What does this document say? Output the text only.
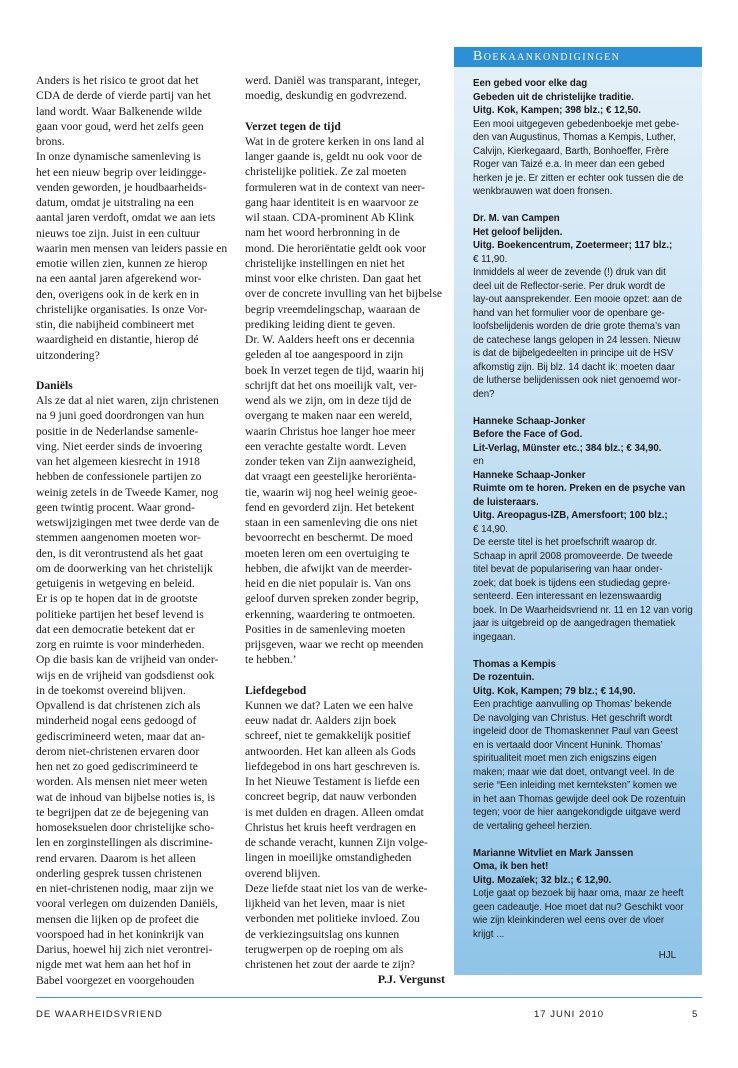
Anders is het risico te groot dat het
CDA de derde of vierde partij van het
land wordt. Waar Balkenende wilde
gaan voor goud, werd het zelfs geen
brons.
In onze dynamische samenleving is
het een nieuw begrip over leidingge-
venden geworden, je houdbaarheids-
datum, omdat je uitstraling na een
aantal jaren verdoft, omdat we aan iets
nieuws toe zijn. Juist in een cultuur
waarin men mensen van leiders passie en
emotie willen zien, kunnen ze hierop
na een aantal jaren afgerekend wor-
den, overigens ook in de kerk en in
christelijke organisaties. Is onze Vor-
stin, die nabijheid combineert met
waardigheid en distantie, hierop dé
uitzondering?

Daniëls

Als ze dat al niet waren, zijn christenen
na 9 juni goed doordrongen van hun
positie in de Nederlandse samenle-
ving. Niet eerder sinds de invoering
van het algemeen kiesrecht in 1918
hebben de confessionele partijen zo
weinig zetels in de Tweede Kamer, nog
geen twintig procent. Waar grond-
wetswijzigingen met twee derde van de
stemmen aangenomen moeten wor-
den, is dit verontrustend als het gaat
om de doorwerking van het christelijk
getuigenis in wetgeving en beleid.
Er is op te hopen dat in de grootste
politieke partijen het besef levend is
dat een democratie betekent dat er
zorg en ruimte is voor minderheden.
Op die basis kan de vrijheid van onder-
wijs en de vrijheid van godsdienst ook
in de toekomst overeind blijven.
Opvallend is dat christenen zich als
minderheid nogal eens gedoogd of
gediscrimineerd weten, maar dat an-
derom niet-christenen ervaren door
hen net zo goed gediscrimineerd te
worden. Als mensen niet meer weten
wat de inhoud van bijbelse noties is, is
te begrijpen dat ze de bejegening van
homoseksuelen door christelijke scho-
len en zorginstellingen als discrimine-
rend ervaren. Daarom is het alleen
onderling gesprek tussen christenen
en niet-christenen nodig, maar zijn we
vooral verlegen om duizenden Daniëls,
mensen die lijken op de profeet die
voorspoed had in het koninkrijk van
Darius, hoewel hij zich niet verontrei-
nigde met wat hem aan het hof in
Babel voorgezet en voorgehouden

werd. Daniël was transparant, integer,
moedig, deskundig en godvrezend.

Verzet tegen de tijd

Wat in de grotere kerken in ons land al
langer gaande is, geldt nu ook voor de
christelijke politiek. Ze zal moeten
formuleren wat in de context van neer-
gang haar identiteit is en waarvoor ze
wil staan. CDA-prominent Ab Klink
nam het woord herbronning in de
mond. Die heroriëntatie geldt ook voor
christelijke instellingen en niet het
minst voor elke christen. Dan gaat het
over de concrete invulling van het bijbelse
begrip vreemdelingschap, waaraan de
prediking leiding dient te geven.
Dr. W. Aalders heeft ons er decennia
geleden al toe aangespoord in zijn
boek In verzet tegen de tijd, waarin hij
schrijft dat het ons moeilijk valt, ver-
wend als we zijn, om in deze tijd de
overgang te maken naar een wereld,
waarin Christus hoe langer hoe meer
een verachte gestalte wordt. Leven
zonder teken van Zijn aanwezigheid,
dat vraagt een geestelijke heroriënta-
tie, waarin wij nog heel weinig geoe-
fend en gevorderd zijn. Het betekent
staan in een samenleving die ons niet
bevoorrecht en beschermt. De moed
moeten leren om een overtuiging te
hebben, die afwijkt van de meerder-
heid en die niet populair is. Van ons
geloof durven spreken zonder begrip,
erkenning, waardering te ontmoeten.
Posities in de samenleving moeten
prijsgeven, waar we recht op meenden
te hebben.’

Liefdegebod

Kunnen we dat? Laten we een halve
eeuw nadat dr. Aalders zijn boek
schreef, niet te gemakkelijk positief
antwoorden. Het kan alleen als Gods
liefdegebod in ons hart geschreven is.
In het Nieuwe Testament is liefde een
concreet begrip, dat nauw verbonden
is met dulden en dragen. Alleen omdat
Christus het kruis heeft verdragen en
de schande veracht, kunnen Zijn volge-
lingen in moeilijke omstandigheden
overend blijven.
Deze liefde staat niet los van de werke-
lijkheid van het leven, maar is niet
verbonden met politieke invloed. Zou
de verkiezingsuitslag ons kunnen
terugwerpen op de roeping om als
christenen het zout der aarde te zijn?

P.J. Vergunst
Boekaankondigingen
Een gebed voor elke dag
Gebeden uit de christelijke traditie.
Uitg. Kok, Kampen; 398 blz.; € 12,50.
Een mooi uitgegeven gebedenboekje met gebe-
den van Augustinus, Thomas a Kempis, Luther,
Calvijn, Kierkegaard, Barth, Bonhoeffer, Frère
Roger van Taizé e.a. In meer dan een gebed
herken je je. Er zitten er echter ook tussen die de
wenkbrauwen wat doen fronsen.
Dr. M. van Campen
Het geloof belijden.
Uitg. Boekencentrum, Zoetermeer; 117 blz.;
€ 11,90.
Inmiddels al weer de zevende (!) druk van dit
deel uit de Reflector-serie. Per druk wordt de
lay-out aansprekender. Een mooie opzet: aan de
hand van het formulier voor de openbare ge-
loofsbelijdenis worden de drie grote thema’s van
de catechese langs gelopen in 24 lessen. Nieuw
is dat de bijbelgedeelten in principe uit de HSV
afkomstig zijn. Bij blz. 14 dacht ik: moeten daar
de lutherse belijdenissen ook niet genoemd wor-
den?
Hanneke Schaap-Jonker
Before the Face of God.
Lit-Verlag, Münster etc.; 384 blz.; € 34,90.
en
Hanneke Schaap-Jonker
Ruimte om te horen. Preken en de psyche van
de luisteraars.
Uitg. Areopagus-IZB, Amersfoort; 100 blz.;
€ 14,90.
De eerste titel is het proefschrift waarop dr.
Schaap in april 2008 promoveerde. De tweede
titel bevat de popularisering van haar onder-
zoek; dat boek is tijdens een studiedag gepre-
senteerd. Een interessant en lezenswaardig
boek. In De Waarheidsvriend nr. 11 en 12 van vorig
jaar is uitgebreid op de aangedragen thematiek
ingegaan.
Thomas a Kempis
De rozentuin.
Uitg. Kok, Kampen; 79 blz.; € 14,90.
Een prachtige aanvulling op Thomas’ bekende
De navolging van Christus. Het geschrift wordt
ingeleid door de Thomaskenner Paul van Geest
en is vertaald door Vincent Hunink. Thomas’
spiritualiteit moet men zich enigszins eigen
maken; maar wie dat doet, ontvangt veel. In de
serie “Een inleiding met kernteksten” komen we
in het aan Thomas gewijde deel ook De rozentuin
tegen; voor de hier aangekondigde uitgave werd
de vertaling geheel herzien.
Marianne Witvliet en Mark Janssen
Oma, ik ben het!
Uitg. Mozaïek; 32 blz.; € 12,90.
Lotje gaat op bezoek bij haar oma, maar ze heeft
geen cadeautje. Hoe moet dat nu? Geschikt voor
wie zijn kleinkinderen wel eens over de vloer
krijgt ...
HJL
DE WAARHEIDSVRIEND	17 JUNI 2010	5
